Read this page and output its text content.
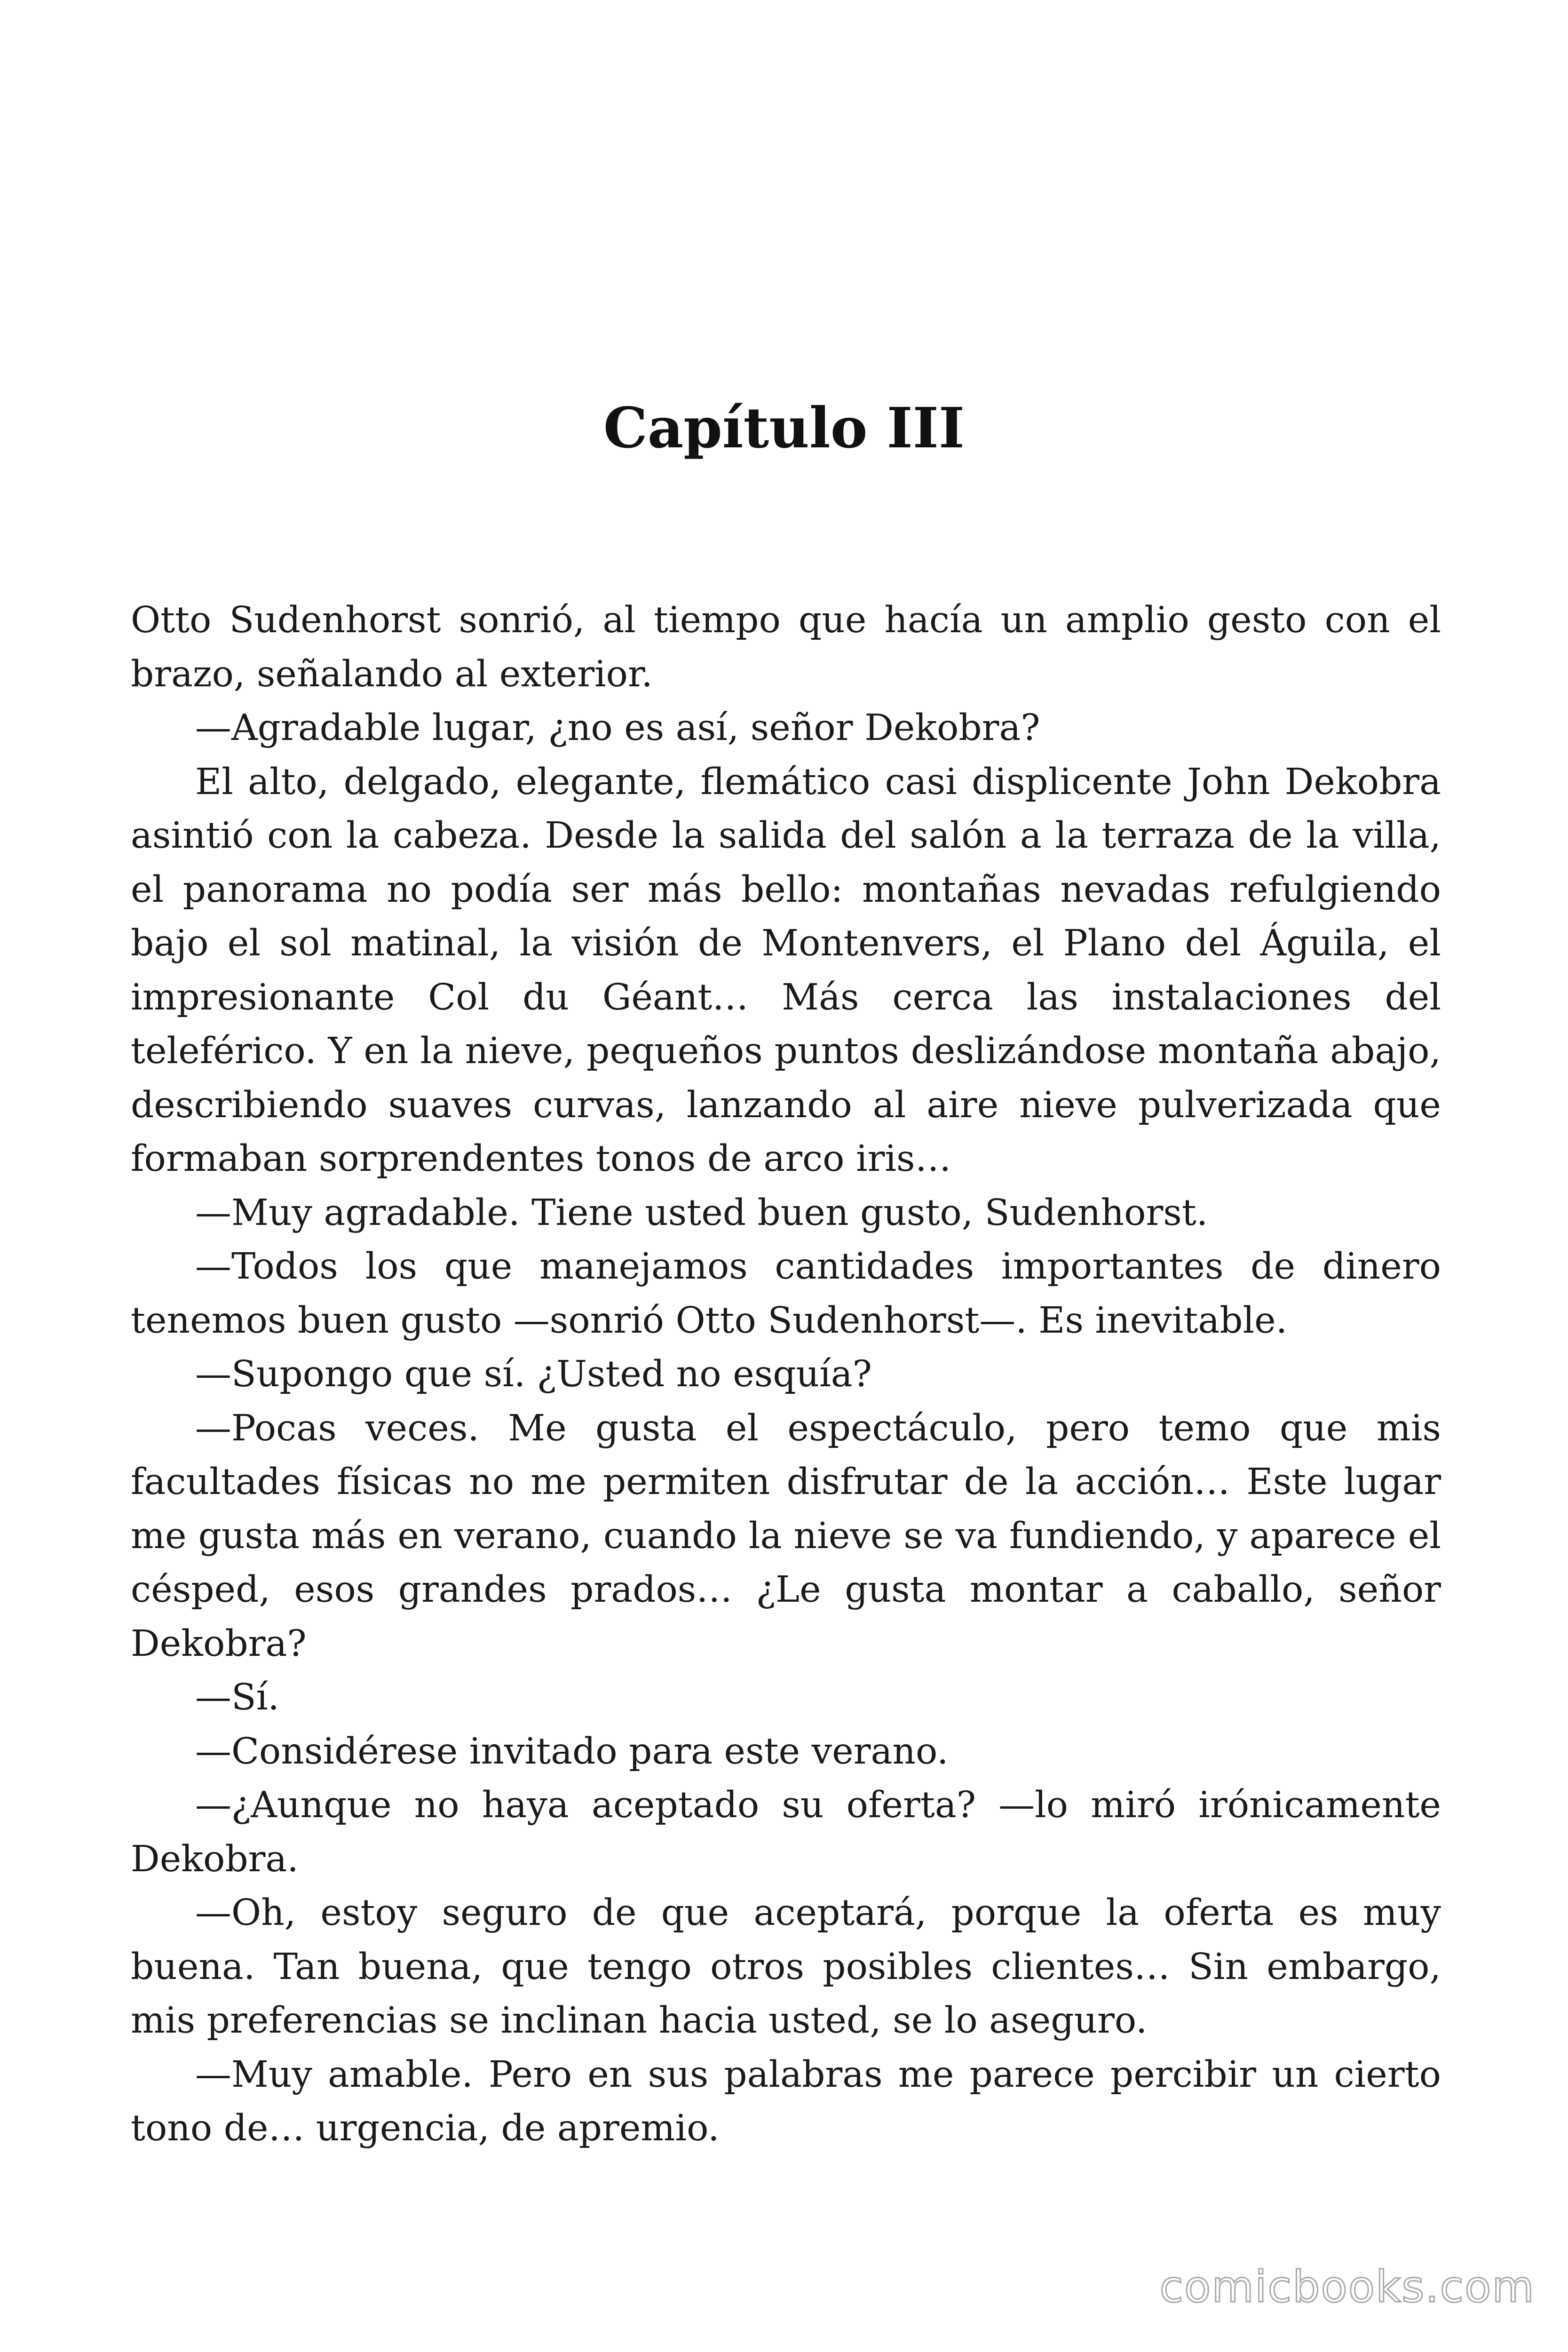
Capítulo III

Otto Sudenhorst sonrió, al tiempo que hacía un amplio gesto con el brazo, señalando al exterior.

—Agradable lugar, ¿no es así, señor Dekobra?

El alto, delgado, elegante, flemático casi displicente John Dekobra asintió con la cabeza. Desde la salida del salón a la terraza de la villa, el panorama no podía ser más bello: montañas nevadas refulgiendo bajo el sol matinal, la visión de Montenvers, el Plano del Águila, el impresionante Col du Géant… Más cerca las instalaciones del teleférico. Y en la nieve, pequeños puntos deslizándose montaña abajo, describiendo suaves curvas, lanzando al aire nieve pulverizada que formaban sorprendentes tonos de arco iris…

—Muy agradable. Tiene usted buen gusto, Sudenhorst.

—Todos los que manejamos cantidades importantes de dinero tenemos buen gusto —sonrió Otto Sudenhorst—. Es inevitable.

—Supongo que sí. ¿Usted no esquía?

—Pocas veces. Me gusta el espectáculo, pero temo que mis facultades físicas no me permiten disfrutar de la acción… Este lugar me gusta más en verano, cuando la nieve se va fundiendo, y aparece el césped, esos grandes prados… ¿Le gusta montar a caballo, señor Dekobra?

—Sí.

—Considérese invitado para este verano.

—¿Aunque no haya aceptado su oferta? —lo miró irónicamente Dekobra.

—Oh, estoy seguro de que aceptará, porque la oferta es muy buena. Tan buena, que tengo otros posibles clientes… Sin embargo, mis preferencias se inclinan hacia usted, se lo aseguro.

—Muy amable. Pero en sus palabras me parece percibir un cierto tono de… urgencia, de apremio.

comicbooks.com
